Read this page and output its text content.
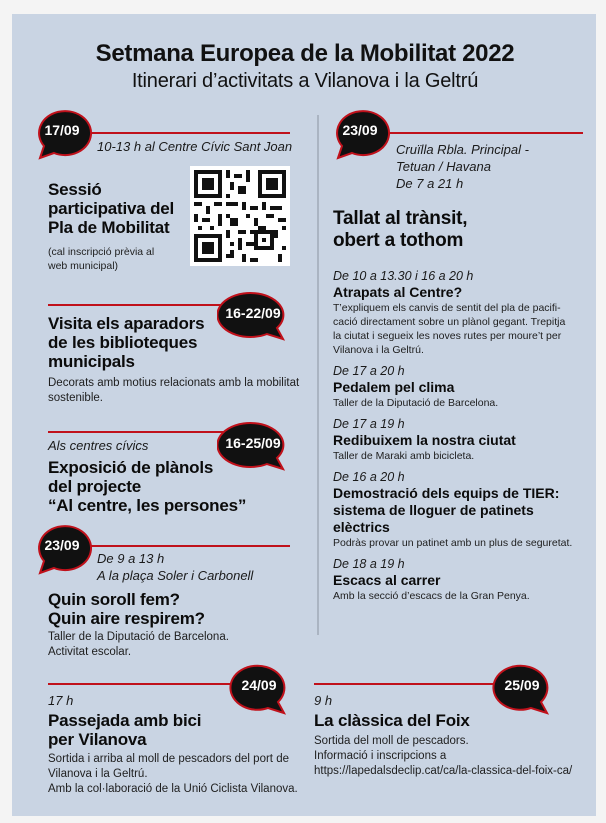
Setmana Europea de la Mobilitat 2022
Itinerari d’activitats a Vilanova i la Geltrú
17/09
10-13 h al Centre Cívic Sant Joan
Sessió
participativa del
Pla de Mobilitat
(cal inscripció prèvia al
web municipal)
16-22/09
Visita els aparadors
de les biblioteques
municipals
Decorats amb motius relacionats amb la mobilitat
sostenible.
16-25/09
Als centres cívics
Exposició de plànols
del projecte
“Al centre, les persones”
23/09
De 9 a 13 h
A la plaça Soler i Carbonell
Quin soroll fem?
Quin aire respirem?
Taller de la Diputació de Barcelona.
Activitat escolar.
24/09
17 h
Passejada amb bici
per Vilanova
Sortida i arriba al moll de pescadors del port de
Vilanova i la Geltrú.
Amb la col·laboració de la Unió Ciclista Vilanova.
23/09
Cruïlla Rbla. Principal -
Tetuan / Havana
De 7 a 21 h
Tallat al trànsit,
obert a tothom
De 10 a 13.30 i 16 a 20 h
Atrapats al Centre?
T’expliquem els canvis de sentit del pla de pacifi-
cació directament sobre un plànol gegant. Trepitja
la ciutat i segueix les noves rutes per moure’t per
Vilanova i la Geltrú.
De 17 a 20 h
Pedalem pel clima
Taller de la Diputació de Barcelona.
De 17 a 19 h
Redibuixem la nostra ciutat
Taller de Maraki amb bicicleta.
De 16 a 20 h
Demostració dels equips de TIER:
sistema de lloguer de patinets
elèctrics
Podràs provar un patinet amb un plus de seguretat.
De 18 a 19 h
Escacs al carrer
Amb la secció d’escacs de la Gran Penya.
25/09
9 h
La clàssica del Foix
Sortida del moll de pescadors.
Informació i inscripcions a
https://lapedalsdeclip.cat/ca/la-classica-del-foix-ca/
